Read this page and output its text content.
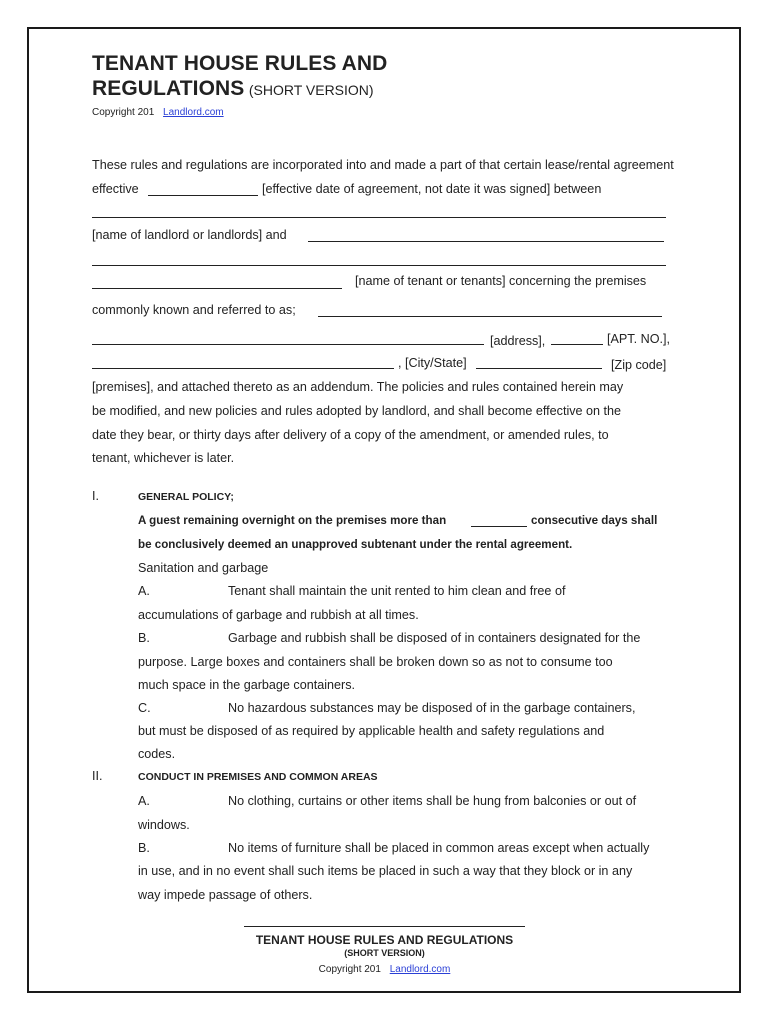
TENANT HOUSE RULES AND
REGULATIONS (SHORT VERSION)
Copyright 201 Landlord.com
These rules and regulations are incorporated into and made a part of that certain lease/rental agreement
effective	[effective date of agreement, not date it was signed] between
[name of landlord or landlords] and
[name of tenant or tenants] concerning the premises
commonly known and referred to as;
[address],	[APT. NO.],
, [City/State]	[Zip code]
[premises], and attached thereto as an addendum. The policies and rules contained herein may
be modified, and new policies and rules adopted by landlord, and shall become effective on the
date they bear, or thirty days after delivery of a copy of the amendment, or amended rules, to
tenant, whichever is later.
I.	GENERAL POLICY;
A guest remaining overnight on the premises more than	consecutive days shall
be conclusively deemed an unapproved subtenant under the rental agreement.
Sanitation and garbage
A.	Tenant shall maintain the unit rented to him clean and free of
accumulations of garbage and rubbish at all times.
B.	Garbage and rubbish shall be disposed of in containers designated for the
purpose. Large boxes and containers shall be broken down so as not to consume too
much space in the garbage containers.
C.	No hazardous substances may be disposed of in the garbage containers,
but must be disposed of as required by applicable health and safety regulations and
codes.
II.	CONDUCT IN PREMISES AND COMMON AREAS
A.	No clothing, curtains or other items shall be hung from balconies or out of
windows.
B.	No items of furniture shall be placed in common areas except when actually
in use, and in no event shall such items be placed in such a way that they block or in any
way impede passage of others.
TENANT HOUSE RULES AND REGULATIONS
(SHORT VERSION)
Copyright 201 Landlord.com
